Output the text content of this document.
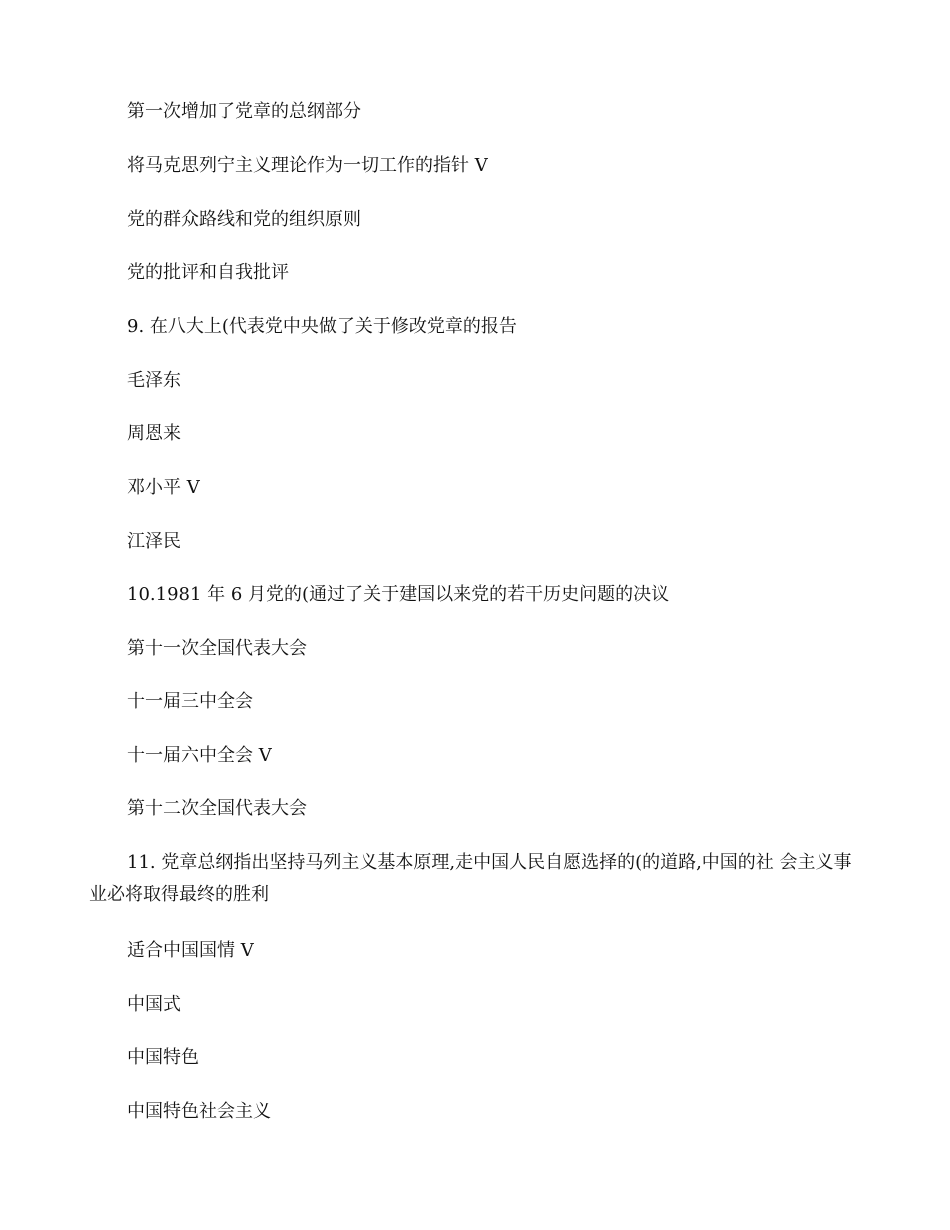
第一次增加了党章的总纲部分
将马克思列宁主义理论作为一切工作的指针 V
党的群众路线和党的组织原则
党的批评和自我批评
9. 在八大上(代表党中央做了关于修改党章的报告
毛泽东
周恩来
邓小平 V
江泽民
10.1981 年 6 月党的(通过了关于建国以来党的若干历史问题的决议
第十一次全国代表大会
十一届三中全会
十一届六中全会 V
第十二次全国代表大会
11. 党章总纲指出坚持马列主义基本原理,走中国人民自愿选择的(的道路,中国的社 会主义事业必将取得最终的胜利
适合中国国情 V
中国式
中国特色
中国特色社会主义
